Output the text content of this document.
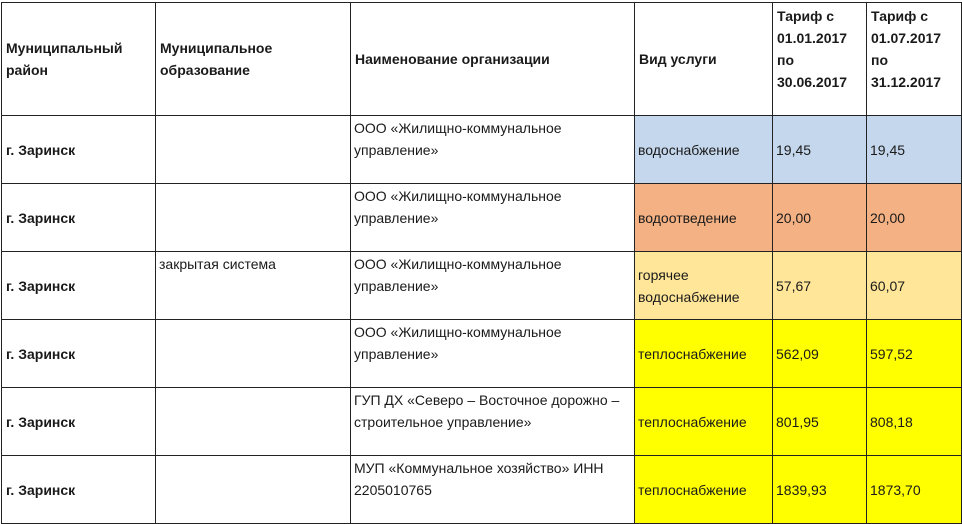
Муниципальный район	Муниципальное образование	Наименование организации	Вид услуги	Тариф с 01.01.2017 по 30.06.2017	Тариф с 01.07.2017 по 31.12.2017
г. Заринск		ООО «Жилищно-коммунальное управление»	водоснабжение	19,45	19,45
г. Заринск		ООО «Жилищно-коммунальное управление»	водоотведение	20,00	20,00
г. Заринск	закрытая система	ООО «Жилищно-коммунальное управление»	горячее водоснабжение	57,67	60,07
г. Заринск		ООО «Жилищно-коммунальное управление»	теплоснабжение	562,09	597,52
г. Заринск		ГУП ДХ «Северо – Восточное дорожно – строительное управление»	теплоснабжение	801,95	808,18
г. Заринск		МУП «Коммунальное хозяйство» ИНН 2205010765	теплоснабжение	1839,93	1873,70
